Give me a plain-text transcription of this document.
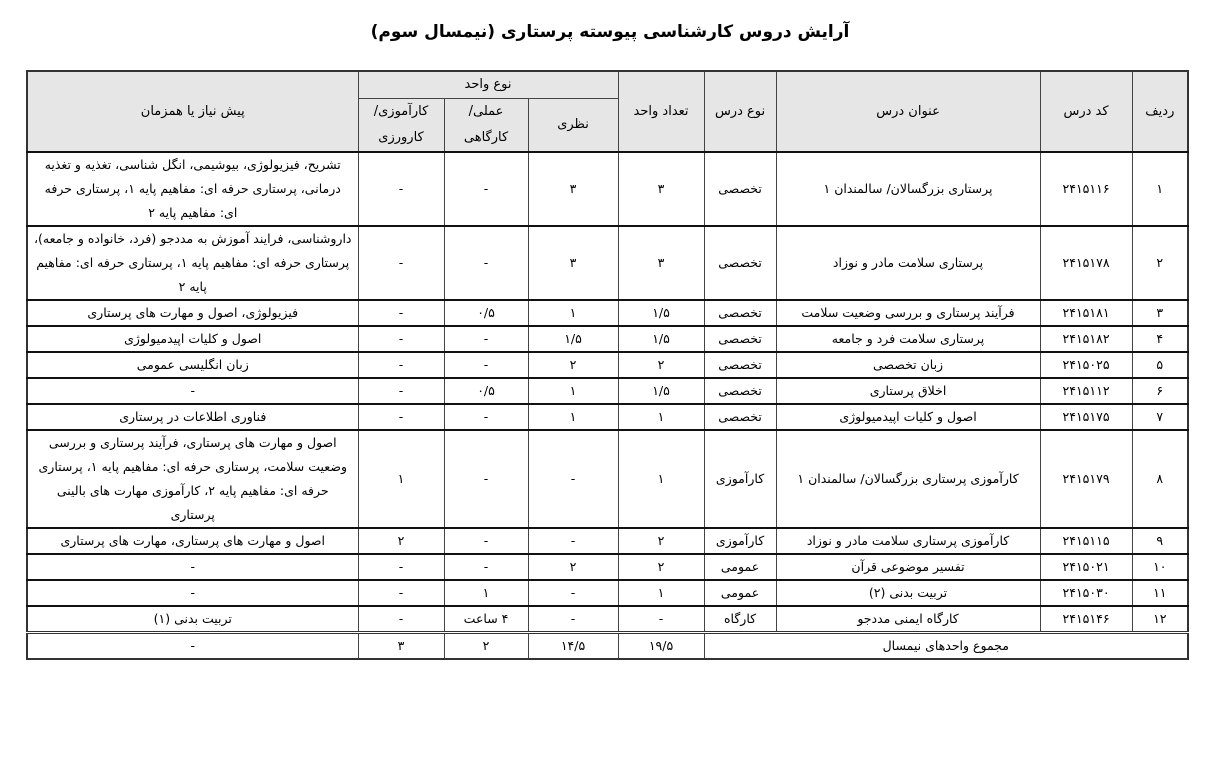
آرایش دروس کارشناسی پیوسته پرستاری (نیمسال سوم)
ردیف	کد درس	عنوان درس	نوع درس	تعداد واحد	نوع واحد			پیش نیاز یا همزمان
					نظری	عملی/ کارگاهی	کارآموزی/ کارورزی	
۱	۲۴۱۵۱۱۶	پرستاری بزرگسالان/ سالمندان ۱	تخصصی	۳	۳	-	-	تشریح، فیزیولوژی، بیوشیمی، انگل شناسی، تغذیه و تغذیه درمانی، پرستاری حرفه ای: مفاهیم پایه ۱، پرستاری حرفه ای: مفاهیم پایه ۲
۲	۲۴۱۵۱۷۸	پرستاری سلامت مادر و نوزاد	تخصصی	۳	۳	-	-	داروشناسی، فرایند آموزش به مددجو (فرد، خانواده و جامعه)، پرستاری حرفه ای: مفاهیم پایه ۱، پرستاری حرفه ای: مفاهیم پایه ۲
۳	۲۴۱۵۱۸۱	فرآیند پرستاری و بررسی وضعیت سلامت	تخصصی	۱/۵	۱	۰/۵	-	فیزیولوژی، اصول و مهارت های پرستاری
۴	۲۴۱۵۱۸۲	پرستاری سلامت فرد و جامعه	تخصصی	۱/۵	۱/۵	-	-	اصول و کلیات اپیدمیولوژی
۵	۲۴۱۵۰۲۵	زبان تخصصی	تخصصی	۲	۲	-	-	زبان انگلیسی عمومی
۶	۲۴۱۵۱۱۲	اخلاق پرستاری	تخصصی	۱/۵	۱	۰/۵	-	-
۷	۲۴۱۵۱۷۵	اصول و کلیات اپیدمیولوژی	تخصصی	۱	۱	-	-	فناوری اطلاعات در پرستاری
۸	۲۴۱۵۱۷۹	کارآموزی پرستاری بزرگسالان/ سالمندان ۱	کارآموزی	۱	-	-	۱	اصول و مهارت های پرستاری، فرآیند پرستاری و بررسی وضعیت سلامت، پرستاری حرفه ای: مفاهیم پایه ۱، پرستاری حرفه ای: مفاهیم پایه ۲، کارآموزی مهارت های بالینی پرستاری
۹	۲۴۱۵۱۱۵	کارآموزی پرستاری سلامت مادر و نوزاد	کارآموزی	۲	-	-	۲	اصول و مهارت های پرستاری، مهارت های پرستاری
۱۰	۲۴۱۵۰۲۱	تفسیر موضوعی قرآن	عمومی	۲	۲	-	-	-
۱۱	۲۴۱۵۰۳۰	تربیت بدنی (۲)	عمومی	۱	-	۱	-	-
۱۲	۲۴۱۵۱۴۶	کارگاه ایمنی مددجو	کارگاه	-	-	۴ ساعت	-	تربیت بدنی (۱)
مجموع واحدهای نیمسال				۱۹/۵	۱۴/۵	۲	۳	-
